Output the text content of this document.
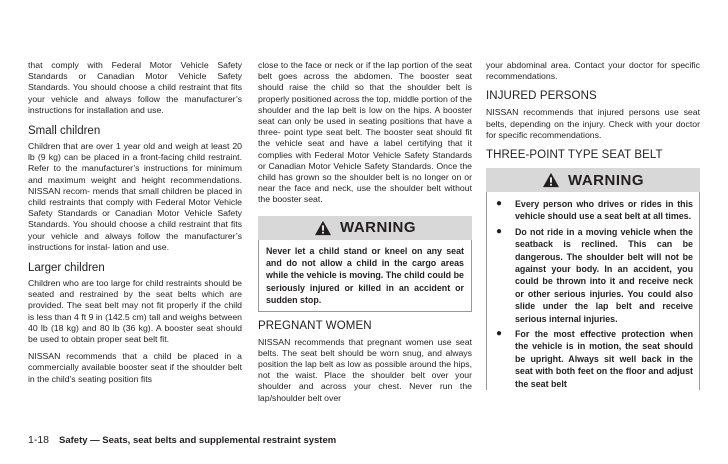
that comply with Federal Motor Vehicle Safety Standards or Canadian Motor Vehicle Safety Standards. You should choose a child restraint that fits your vehicle and always follow the manufacturer’s instructions for installation and use.

Small children

Children that are over 1 year old and weigh at least 20 lb (9 kg) can be placed in a front-facing child restraint. Refer to the manufacturer’s instructions for minimum and maximum weight and height recommendations. NISSAN recom- mends that small children be placed in child restraints that comply with Federal Motor Vehicle Safety Standards or Canadian Motor Vehicle Safety Standards. You should choose a child restraint that fits your vehicle and always follow the manufacturer’s instructions for instal- lation and use.

Larger children

Children who are too large for child restraints should be seated and restrained by the seat belts which are provided. The seat belt may not fit properly if the child is less than 4 ft 9 in (142.5 cm) tall and weighs between 40 lb (18 kg) and 80 lb (36 kg). A booster seat should be used to obtain proper seat belt fit.

NISSAN recommends that a child be placed in a commercially available booster seat if the shoulder belt in the child’s seating position fits

close to the face or neck or if the lap portion of the seat belt goes across the abdomen. The booster seat should raise the child so that the shoulder belt is properly positioned across the top, middle portion of the shoulder and the lap belt is low on the hips. A booster seat can only be used in seating positions that have a three- point type seat belt. The booster seat should fit the vehicle seat and have a label certifying that it complies with Federal Motor Vehicle Safety Standards or Canadian Motor Vehicle Safety Standards. Once the child has grown so the shoulder belt is no longer on or near the face and neck, use the shoulder belt without the booster seat.

WARNING

Never let a child stand or kneel on any seat and do not allow a child in the cargo areas while the vehicle is moving. The child could be seriously injured or killed in an accident or sudden stop.

PREGNANT WOMEN

NISSAN recommends that pregnant women use seat belts. The seat belt should be worn snug, and always position the lap belt as low as possible around the hips, not the waist. Place the shoulder belt over your shoulder and across your chest. Never run the lap/shoulder belt over

your abdominal area. Contact your doctor for specific recommendations.

INJURED PERSONS

NISSAN recommends that injured persons use seat belts, depending on the injury. Check with your doctor for specific recommendations.

THREE-POINT TYPE SEAT BELT
WARNING
●	Every person who drives or rides in this vehicle should use a seat belt at all times.

●	Do not ride in a moving vehicle when the seatback is reclined. This can be dangerous. The shoulder belt will not be against your body. In an accident, you could be thrown into it and receive neck or other serious injuries. You could also slide under the lap belt and receive serious internal injuries.

●	For the most effective protection when the vehicle is in motion, the seat should be upright. Always sit well back in the seat with both feet on the floor and adjust the seat belt

1-18 Safety — Seats, seat belts and supplemental restraint system
